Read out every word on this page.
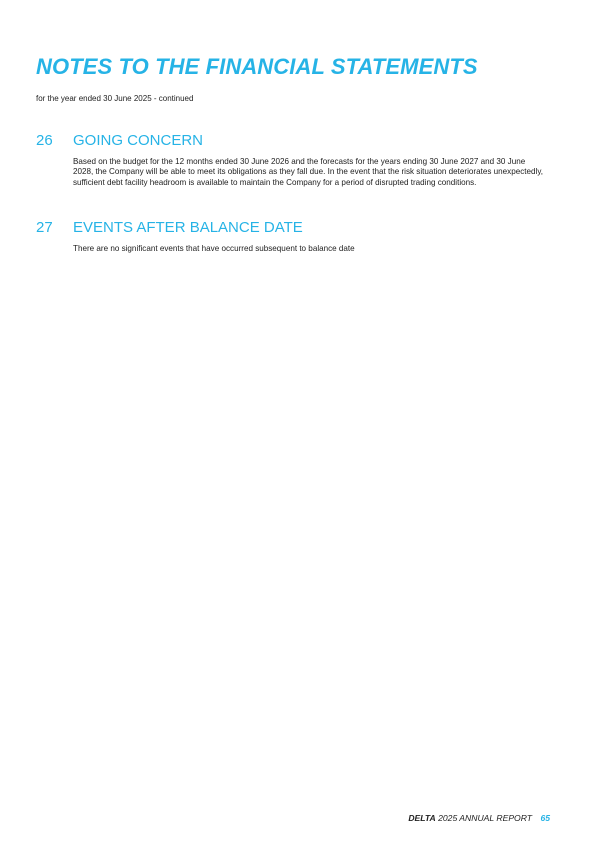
NOTES TO THE FINANCIAL STATEMENTS

for the year ended 30 June 2025 - continued

26	GOING CONCERN

Based on the budget for the 12 months ended 30 June 2026 and the forecasts for the years ending 30 June 2027 and 30 June 2028, the Company will be able to meet its obligations as they fall due. In the event that the risk situation deteriorates unexpectedly, sufficient debt facility headroom is available to maintain the Company for a period of disrupted trading conditions.

27	EVENTS AFTER BALANCE DATE

There are no significant events that have occurred subsequent to balance date

DELTA 2025 ANNUAL REPORT 65
